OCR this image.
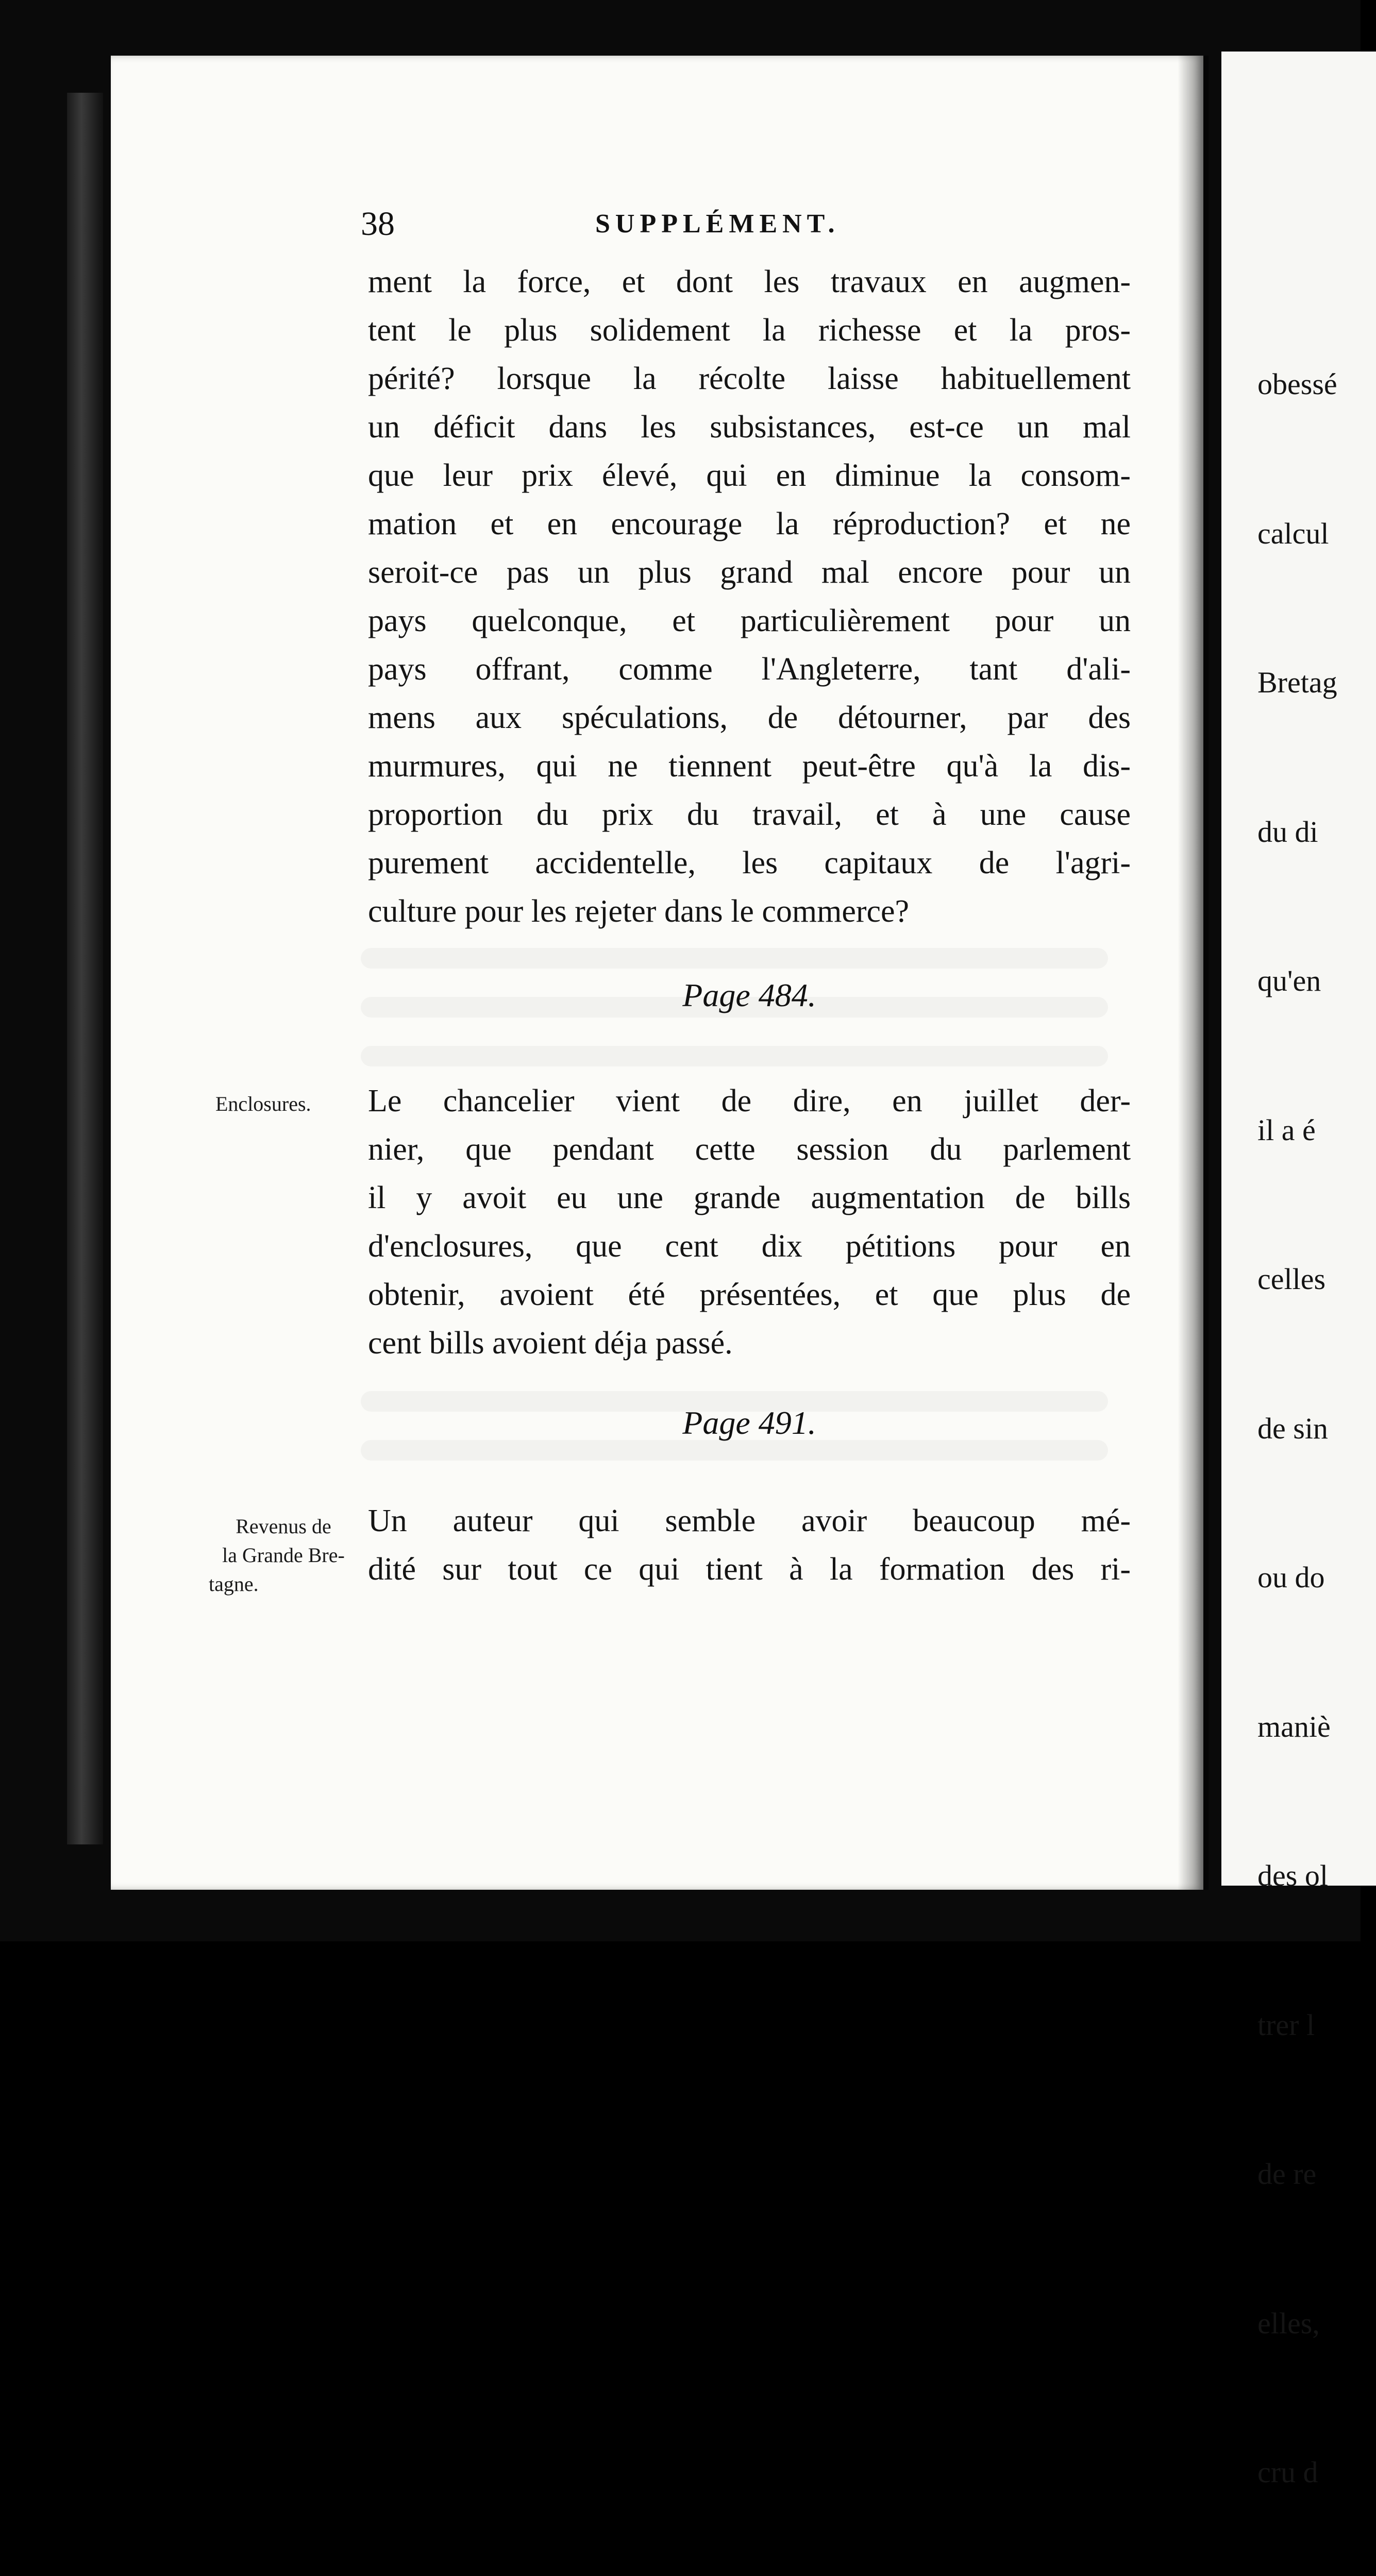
38	SUPPLÉMENT.
ment la force, et dont les travaux en augmen-
tent le plus solidement la richesse et la pros-
périté? lorsque la récolte laisse habituellement
un déficit dans les subsistances, est-ce un mal
que leur prix élevé, qui en diminue la consom-
mation et en encourage la réproduction? et ne
seroit-ce pas un plus grand mal encore pour un
pays quelconque, et particulièrement pour un
pays offrant, comme l'Angleterre, tant d'ali-
mens aux spéculations, de détourner, par des
murmures, qui ne tiennent peut-être qu'à la dis-
proportion du prix du travail, et à une cause
purement accidentelle, les capitaux de l'agri-
culture pour les rejeter dans le commerce?
Page 484.
Enclosures. Le chancelier vient de dire, en juillet der-
nier, que pendant cette session du parlement
il y avoit eu une grande augmentation de bills
d'enclosures, que cent dix pétitions pour en
obtenir, avoient été présentées, et que plus de
cent bills avoient déja passé.
Page 491.
Revenus de
la Grande Bre-
tagne.
Un auteur qui semble avoir beaucoup mé-
dité sur tout ce qui tient à la formation des ri-

obessé

calcul

Bretag

du di

qu'en

il a é

celles

de sin

ou do

maniè

des ol

trer l

de re

elles,

cru d
